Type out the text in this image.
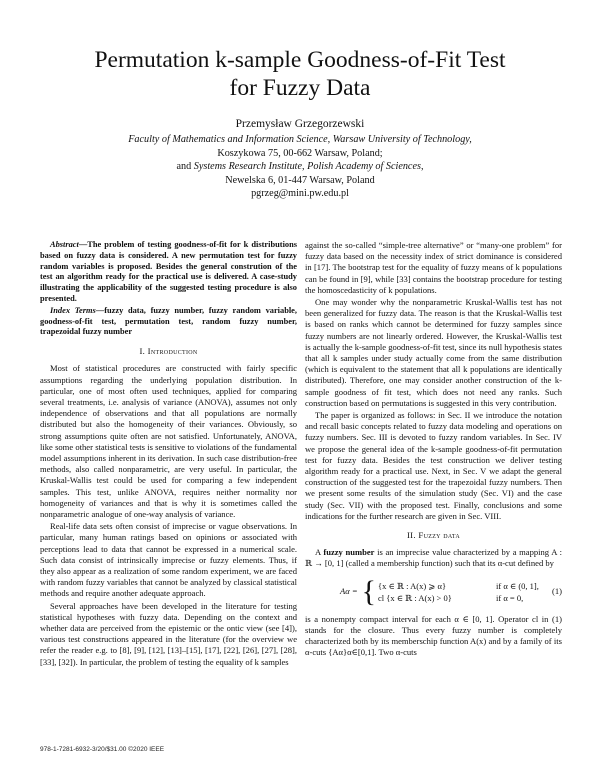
Permutation k-sample Goodness-of-Fit Test
for Fuzzy Data
Przemysław Grzegorzewski
Faculty of Mathematics and Information Science, Warsaw University of Technology,
Koszykowa 75, 00-662 Warsaw, Poland;
and Systems Research Institute, Polish Academy of Sciences,
Newelska 6, 01-447 Warsaw, Poland
pgrzeg@mini.pw.edu.pl

Abstract—The problem of testing goodness-of-fit for k distributions based on fuzzy data is considered. A new permutation test for fuzzy random variables is proposed. Besides the general constrution of the test an algorithm ready for the practical use is delivered. A case-study illustrating the applicability of the suggested testing procedure is also presented.

Index Terms—fuzzy data, fuzzy number, fuzzy random variable, goodness-of-fit test, permutation test, random fuzzy number, trapezoidal fuzzy number

I. Introduction

Most of statistical procedures are constructed with fairly specific assumptions regarding the underlying population distribution. In particular, one of most often used techniques, applied for comparing several treatments, i.e. analysis of variance (ANOVA), assumes not only independence of observations and that all populations are normally distributed but also the homogeneity of their variances. Obviously, so strong assumptions quite often are not satisfied. Unfortunately, ANOVA, like some other statistical tests is sensitive to violations of the fundamental model assumptions inherent in its derivation. In such case distribution-free methods, also called nonparametric, are very useful. In particular, the Kruskal-Wallis test could be used for comparing a few independent samples. This test, unlike ANOVA, requires neither normality nor homogeneity of variances and that is why it is sometimes called the nonparametric analogue of one-way analysis of variance.

Real-life data sets often consist of imprecise or vague observations. In particular, many human ratings based on opinions or associated with perceptions lead to data that cannot be expressed in a numerical scale. Such data consist of intrinsically imprecise or fuzzy elements. Thus, if they also appear as a realization of some random experiment, we are faced with random fuzzy variables that cannot be analyzed by classical statistical methods and require another adequate approach.

Several approaches have been developed in the literature for testing statistical hypotheses with fuzzy data. Depending on the context and whether data are perceived from the epistemic or the ontic view (see [4]), various test constructions appeared in the literature (for the overview we refer the reader e.g. to [8], [9], [12], [13]–[15], [17], [22], [26], [27], [28], [33], [32]). In particular, the problem of testing the equality of k samples

against the so-called “simple-tree alternative” or “many-one problem” for fuzzy data based on the necessity index of strict dominance is considered in [17]. The bootstrap test for the equality of fuzzy means of k populations can be found in [9], while [33] contains the bootstrap procedure for testing the homoscedasticity of k populations.

One may wonder why the nonparametric Kruskal-Wallis test has not been generalized for fuzzy data. The reason is that the Kruskal-Wallis test is based on ranks which cannot be determined for fuzzy samples since fuzzy numbers are not linearly ordered. However, the Kruskal-Wallis test is actually the k-sample goodness-of-fit test, since its null hypothesis states that all k samples under study actually come from the same distribution (which is equivalent to the statement that all k populations are identically distributed). Therefore, one may consider another construction of the k-sample goodness of fit test, which does not need any ranks. Such construction based on permutations is suggested in this very contribution.

The paper is organized as follows: in Sec. II we introduce the notation and recall basic concepts related to fuzzy data modeling and operations on fuzzy numbers. Sec. III is devoted to fuzzy random variables. In Sec. IV we propose the general idea of the k-sample goodness-of-fit permutation test for fuzzy data. Besides the test construction we deliver testing algorithm ready for a practical use. Next, in Sec. V we adapt the general construction of the suggested test for the trapezoidal fuzzy numbers. Then we present some results of the simulation study (Sec. VI) and the case study (Sec. VII) with the proposed test. Finally, conclusions and some indications for the further research are given in Sec. VIII.

II. Fuzzy data

A fuzzy number is an imprecise value characterized by a mapping A : ℝ → [0, 1] (called a membership function) such that its α-cut defined by

Aα = { {x ∈ ℝ : A(x) ⩾ α}	if α ∈ (0, 1],
cl {x ∈ ℝ : A(x) > 0}	if α = 0,
(1)

is a nonempty compact interval for each α ∈ [0, 1]. Operator cl in (1) stands for the closure. Thus every fuzzy number is completely characterized both by its memberschip function A(x) and by a family of its α-cuts {Aα}α∈[0,1]. Two α-cuts

978-1-7281-6932-3/20/$31.00 ©2020 IEEE
